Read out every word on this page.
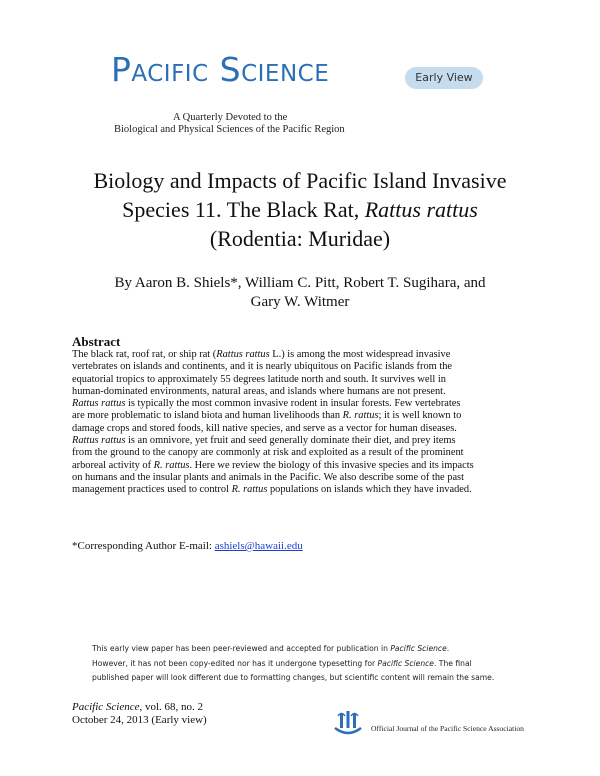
Pacific Science	Early View
A Quarterly Devoted to the
Biological and Physical Sciences of the Pacific Region
Biology and Impacts of Pacific Island Invasive
Species 11. The Black Rat, Rattus rattus
(Rodentia: Muridae)
By Aaron B. Shiels*, William C. Pitt, Robert T. Sugihara, and
Gary W. Witmer
Abstract
The black rat, roof rat, or ship rat (Rattus rattus L.) is among the most widespread invasive
vertebrates on islands and continents, and it is nearly ubiquitous on Pacific islands from the
equatorial tropics to approximately 55 degrees latitude north and south. It survives well in
human-dominated environments, natural areas, and islands where humans are not present.
Rattus rattus is typically the most common invasive rodent in insular forests. Few vertebrates
are more problematic to island biota and human livelihoods than R. rattus; it is well known to
damage crops and stored foods, kill native species, and serve as a vector for human diseases.
Rattus rattus is an omnivore, yet fruit and seed generally dominate their diet, and prey items
from the ground to the canopy are commonly at risk and exploited as a result of the prominent
arboreal activity of R. rattus. Here we review the biology of this invasive species and its impacts
on humans and the insular plants and animals in the Pacific. We also describe some of the past
management practices used to control R. rattus populations on islands which they have invaded.
*Corresponding Author E-mail: ashiels@hawaii.edu
This early view paper has been peer-reviewed and accepted for publication in Pacific Science.
However, it has not been copy-edited nor has it undergone typesetting for Pacific Science. The final
published paper will look different due to formatting changes, but scientific content will remain the same.
Pacific Science, vol. 68, no. 2
October 24, 2013 (Early view)
Official Journal of the Pacific Science Association
